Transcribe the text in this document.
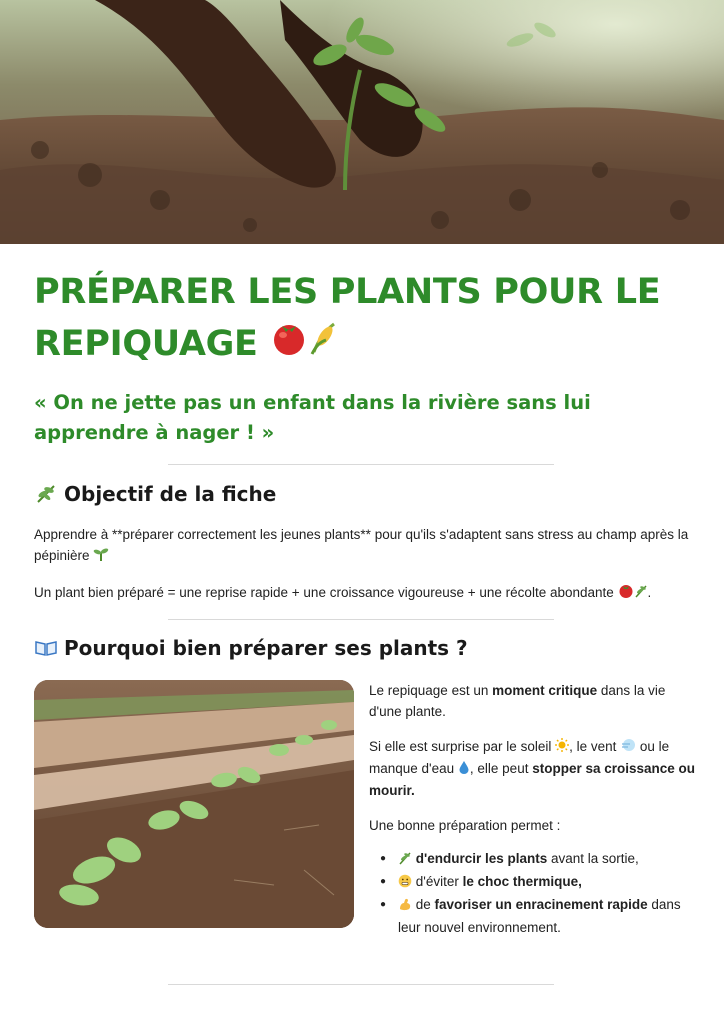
PRÉPARER LES PLANTS POUR LE REPIQUAGE

« On ne jette pas un enfant dans la rivière sans lui apprendre à nager ! »

Objectif de la fiche

Apprendre à **préparer correctement les jeunes plants** pour qu'ils s'adaptent sans stress au champ après la pépinière

Un plant bien préparé = une reprise rapide + une croissance vigoureuse + une récolte abondante	.

Pourquoi bien préparer ses plants ?

Le repiquage est un moment critique dans la vie d'une plante.

Si elle est surprise par le soleil , le vent  ou le manque d'eau , elle peut stopper sa croissance ou mourir.

Une bonne préparation permet :

● d'endurcir les plants avant la sortie,
● d'éviter le choc thermique,
● de favoriser un enracinement rapide dans leur nouvel environnement.
